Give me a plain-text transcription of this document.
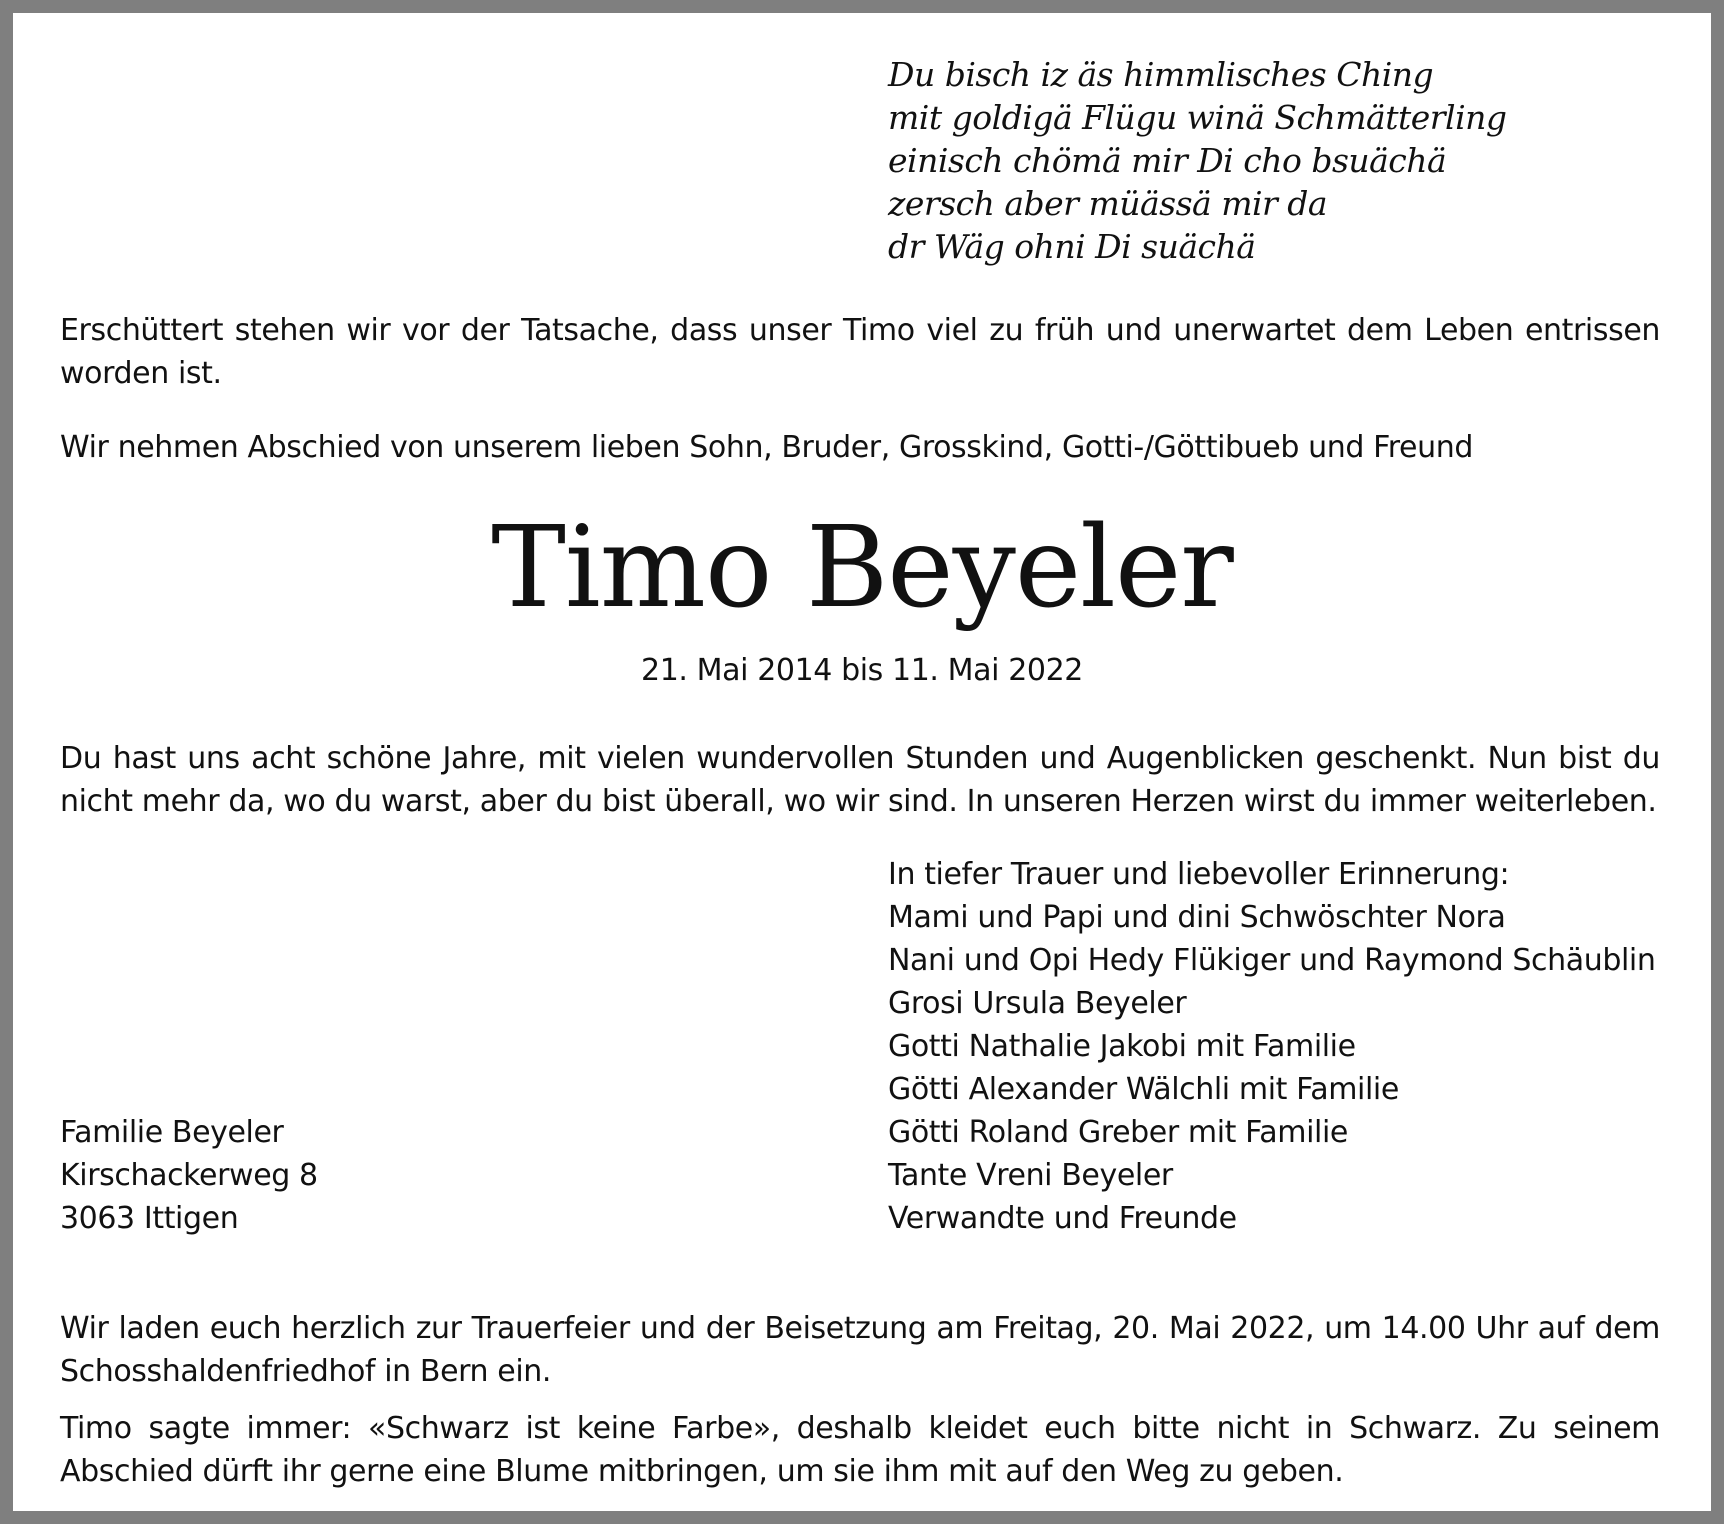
Du bisch iz äs himmlisches Ching
mit goldigä Flügu winä Schmätterling
einisch chömä mir Di cho bsuächä
zersch aber müässä mir da
dr Wäg ohni Di suächä

Erschüttert stehen wir vor der Tatsache, dass unser Timo viel zu früh und unerwartet dem Leben entrissen worden ist.

Wir nehmen Abschied von unserem lieben Sohn, Bruder, Grosskind, Gotti-/Göttibueb und Freund

Timo Beyeler
21. Mai 2014 bis 11. Mai 2022

Du hast uns acht schöne Jahre, mit vielen wundervollen Stunden und Augenblicken geschenkt. Nun bist du nicht mehr da, wo du warst, aber du bist überall, wo wir sind. In unseren Herzen wirst du immer weiterleben.

In tiefer Trauer und liebevoller Erinnerung:
Mami und Papi und dini Schwöschter Nora
Nani und Opi Hedy Flükiger und Raymond Schäublin
Grosi Ursula Beyeler
Gotti Nathalie Jakobi mit Familie
Götti Alexander Wälchli mit Familie
Götti Roland Greber mit Familie
Tante Vreni Beyeler
Verwandte und Freunde
Familie Beyeler
Kirschackerweg 8
3063 Ittigen

Wir laden euch herzlich zur Trauerfeier und der Beisetzung am Freitag, 20. Mai 2022, um 14.00 Uhr auf dem Schosshaldenfriedhof in Bern ein.

Timo sagte immer: «Schwarz ist keine Farbe», deshalb kleidet euch bitte nicht in Schwarz. Zu seinem Abschied dürft ihr gerne eine Blume mitbringen, um sie ihm mit auf den Weg zu geben.
